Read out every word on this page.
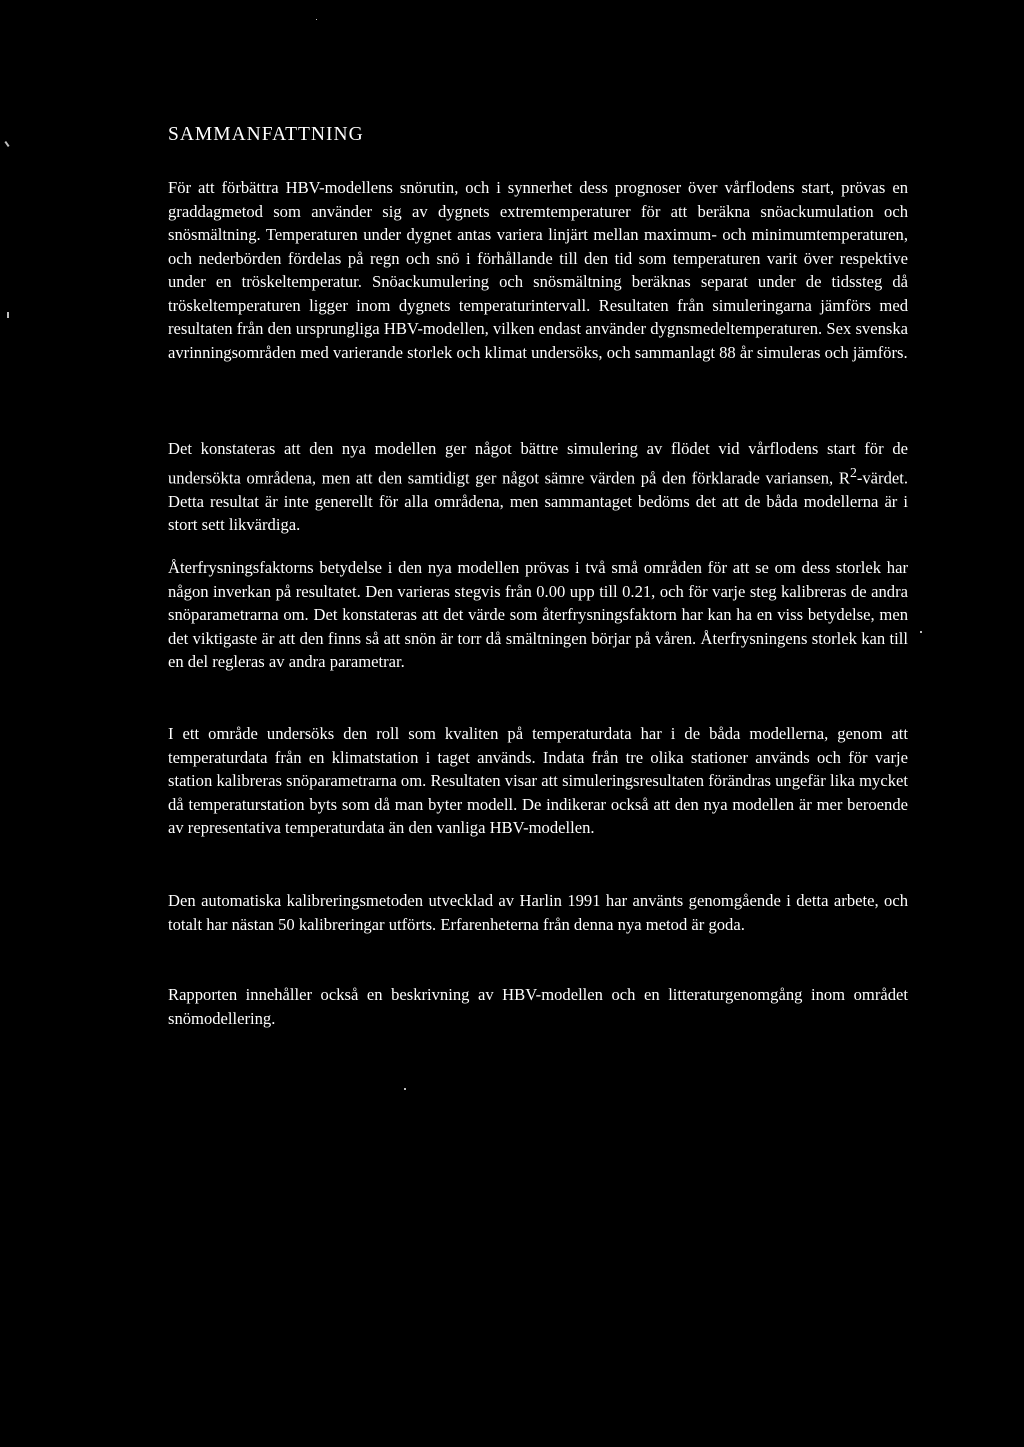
SAMMANFATTNING

För att förbättra HBV-modellens snörutin, och i synnerhet dess prognoser över vårflodens start, prövas en graddagmetod som använder sig av dygnets extremtemperaturer för att beräkna snöackumulation och snösmältning. Temperaturen under dygnet antas variera linjärt mellan maximum- och minimumtemperaturen, och nederbörden fördelas på regn och snö i förhållande till den tid som temperaturen varit över respektive under en tröskeltemperatur. Snöackumulering och snösmältning beräknas separat under de tidssteg då tröskeltemperaturen ligger inom dygnets temperaturintervall. Resultaten från simuleringarna jämförs med resultaten från den ursprungliga HBV-modellen, vilken endast använder dygnsmedeltemperaturen. Sex svenska avrinningsområden med varierande storlek och klimat undersöks, och sammanlagt 88 år simuleras och jämförs.

Det konstateras att den nya modellen ger något bättre simulering av flödet vid vårflodens start för de undersökta områdena, men att den samtidigt ger något sämre värden på den förklarade variansen, $R^2$-värdet. Detta resultat är inte generellt för alla områdena, men sammantaget bedöms det att de båda modellerna är i stort sett likvärdiga.

Återfrysningsfaktorns betydelse i den nya modellen prövas i två små områden för att se om dess storlek har någon inverkan på resultatet. Den varieras stegvis från 0.00 upp till 0.21, och för varje steg kalibreras de andra snöparametrarna om. Det konstateras att det värde som återfrysningsfaktorn har kan ha en viss betydelse, men det viktigaste är att den finns så att snön är torr då smältningen börjar på våren. Återfrysningens storlek kan till en del regleras av andra parametrar.

I ett område undersöks den roll som kvaliten på temperaturdata har i de båda modellerna, genom att temperaturdata från en klimatstation i taget används. Indata från tre olika stationer används och för varje station kalibreras snöparametrarna om. Resultaten visar att simuleringsresultaten förändras ungefär lika mycket då temperaturstation byts som då man byter modell. De indikerar också att den nya modellen är mer beroende av representativa temperaturdata än den vanliga HBV-modellen.

Den automatiska kalibreringsmetoden utvecklad av Harlin 1991 har använts genomgående i detta arbete, och totalt har nästan 50 kalibreringar utförts. Erfarenheterna från denna nya metod är goda.

Rapporten innehåller också en beskrivning av HBV-modellen och en litteraturgenomgång inom området snömodellering.
